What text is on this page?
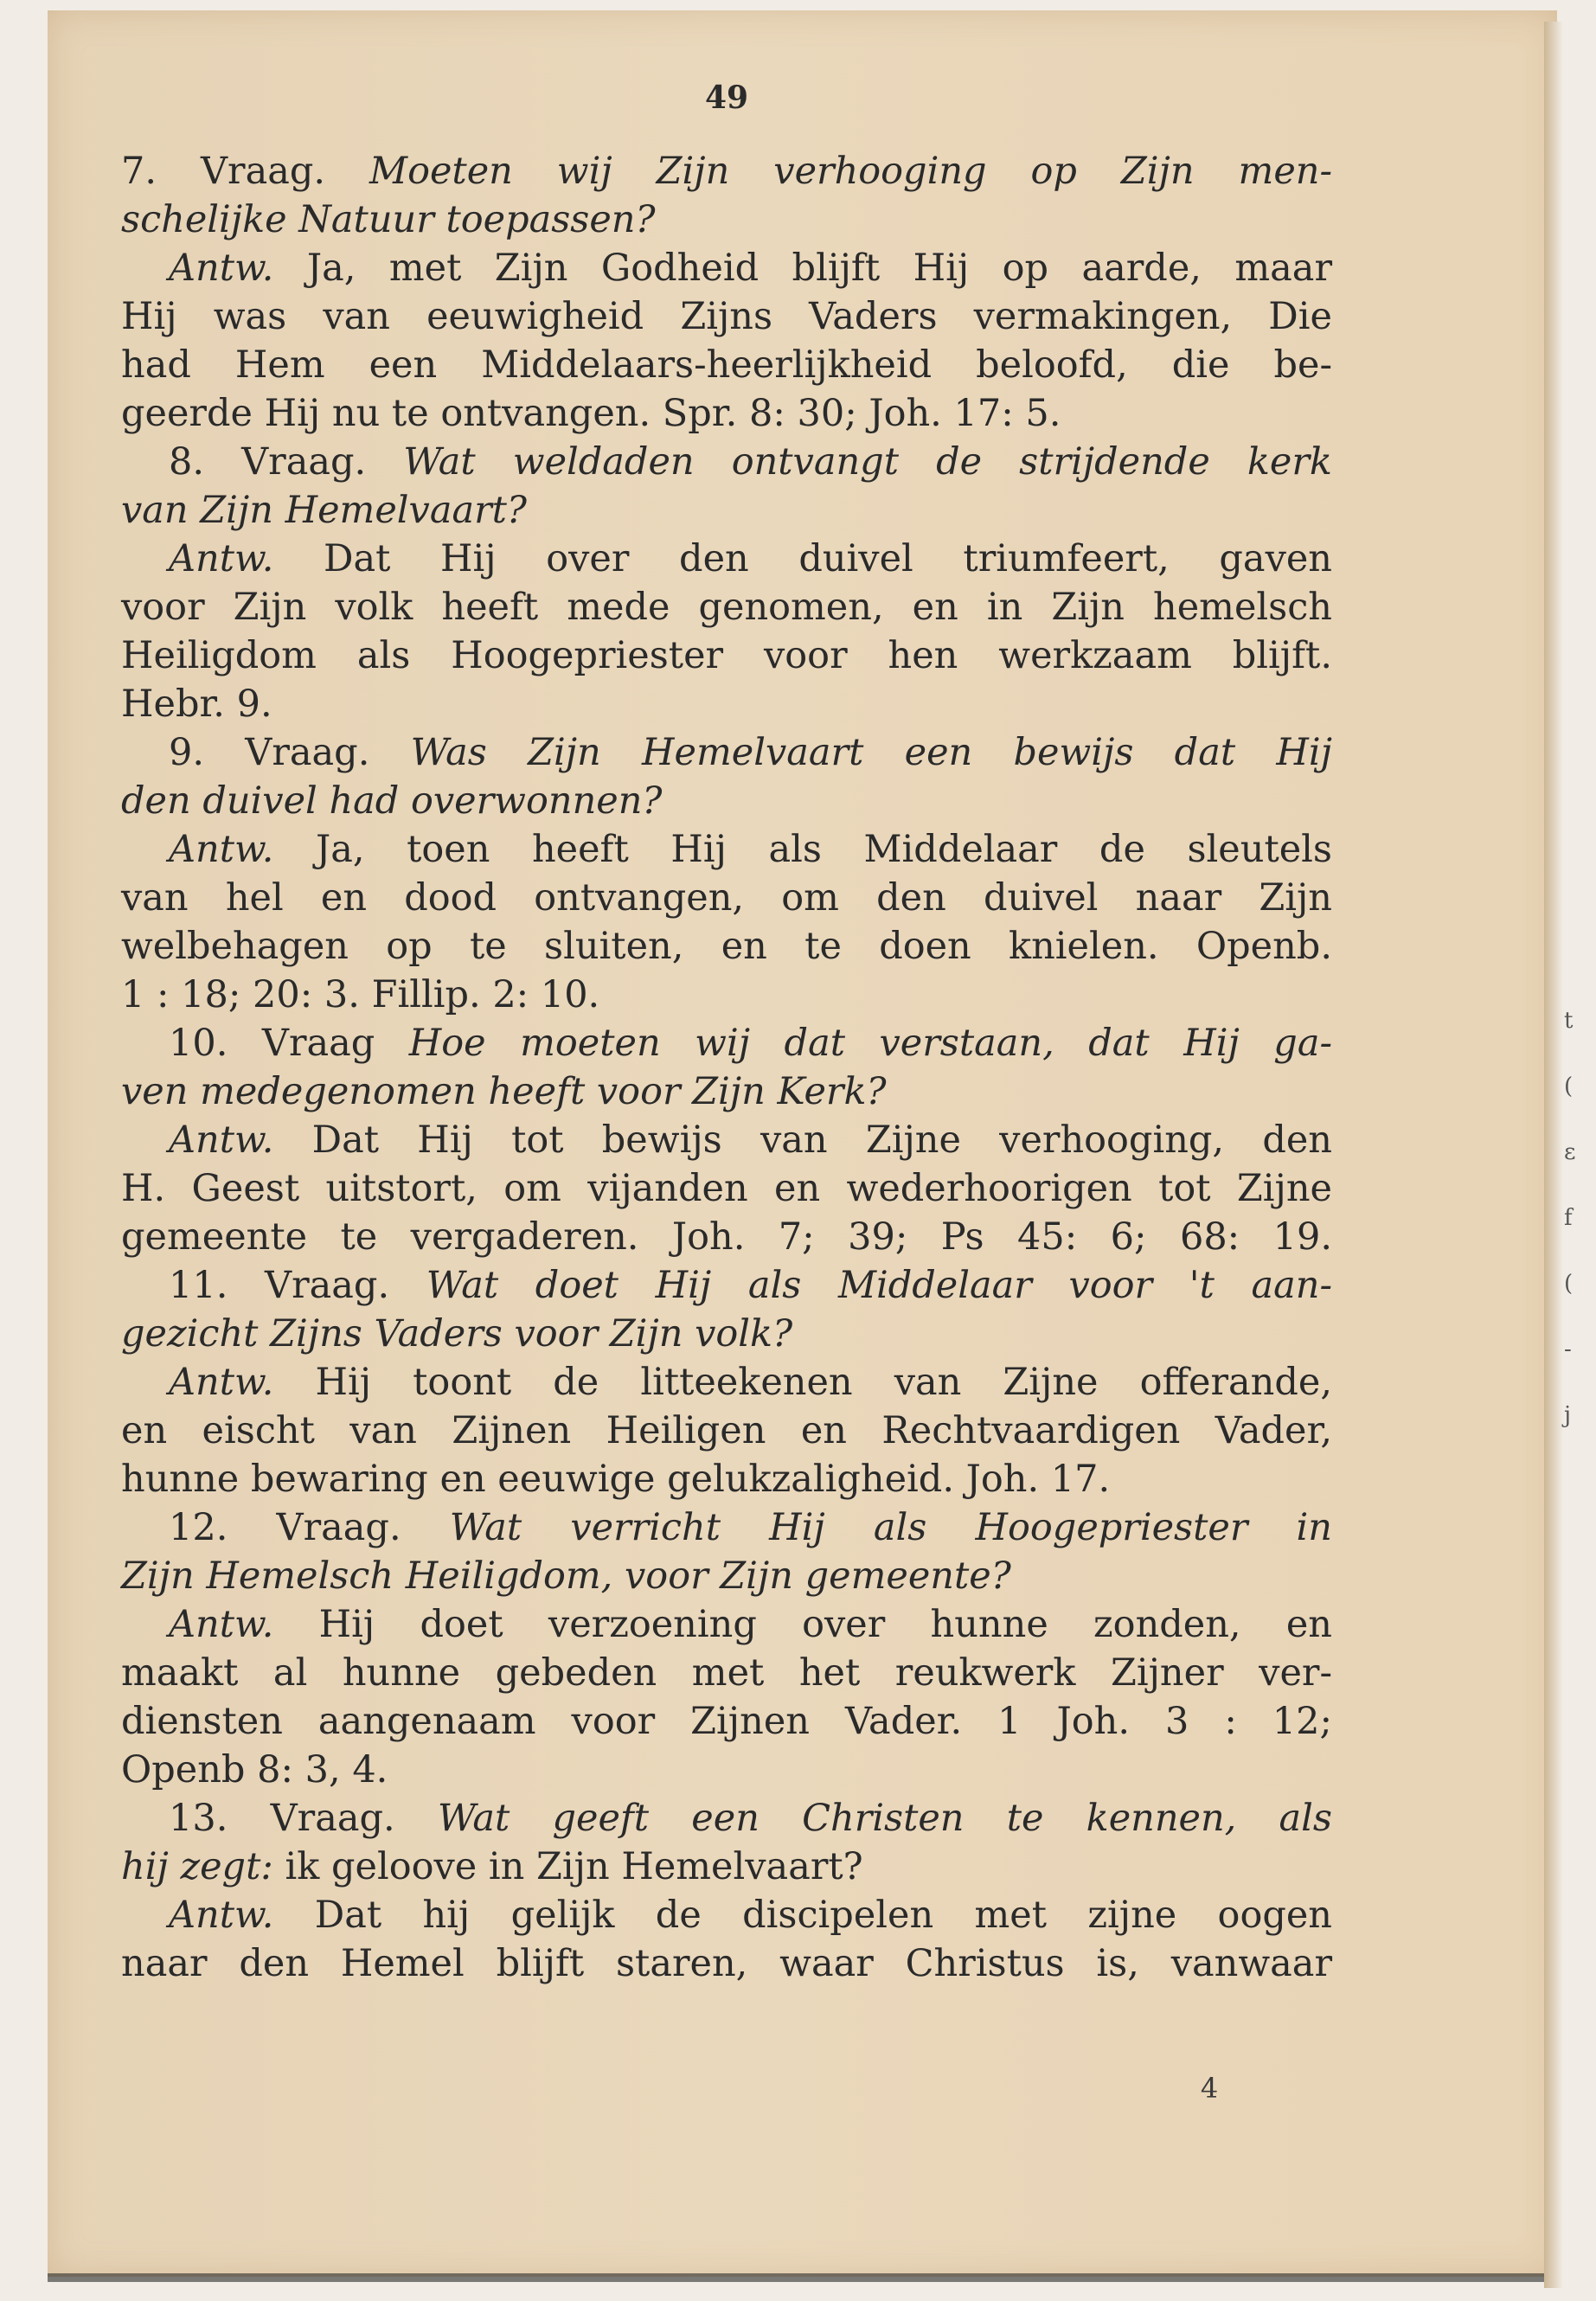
49
7. Vraag. Moeten wij Zijn verhooging op Zijn men-
schelijke Natuur toepassen?
Antw. Ja, met Zijn Godheid blijft Hij op aarde, maar
Hij was van eeuwigheid Zijns Vaders vermakingen, Die
had Hem een Middelaars-heerlijkheid beloofd, die be-
geerde Hij nu te ontvangen. Spr. 8: 30; Joh. 17: 5.
8. Vraag. Wat weldaden ontvangt de strijdende kerk
van Zijn Hemelvaart?
Antw. Dat Hij over den duivel triumfeert, gaven
voor Zijn volk heeft mede genomen, en in Zijn hemelsch
Heiligdom als Hoogepriester voor hen werkzaam blijft.
Hebr. 9.
9. Vraag. Was Zijn Hemelvaart een bewijs dat Hij
den duivel had overwonnen?
Antw. Ja, toen heeft Hij als Middelaar de sleutels
van hel en dood ontvangen, om den duivel naar Zijn
welbehagen op te sluiten, en te doen knielen. Openb.
1 : 18; 20: 3. Fillip. 2: 10.
10. Vraag Hoe moeten wij dat verstaan, dat Hij ga-
ven medegenomen heeft voor Zijn Kerk?
Antw. Dat Hij tot bewijs van Zijne verhooging, den
H. Geest uitstort, om vijanden en wederhoorigen tot Zijne
gemeente te vergaderen. Joh. 7; 39; Ps 45: 6; 68: 19.
11. Vraag. Wat doet Hij als Middelaar voor 't aan-
gezicht Zijns Vaders voor Zijn volk?
Antw. Hij toont de litteekenen van Zijne offerande,
en eischt van Zijnen Heiligen en Rechtvaardigen Vader,
hunne bewaring en eeuwige gelukzaligheid. Joh. 17.
12. Vraag. Wat verricht Hij als Hoogepriester in
Zijn Hemelsch Heiligdom, voor Zijn gemeente?
Antw. Hij doet verzoening over hunne zonden, en
maakt al hunne gebeden met het reukwerk Zijner ver-
diensten aangenaam voor Zijnen Vader. 1 Joh. 3 : 12;
Openb 8: 3, 4.
13. Vraag. Wat geeft een Christen te kennen, als
hij zegt: ik geloove in Zijn Hemelvaart?
Antw. Dat hij gelijk de discipelen met zijne oogen
naar den Hemel blijft staren, waar Christus is, vanwaar
4
t
(
ε
f
(
-
j
